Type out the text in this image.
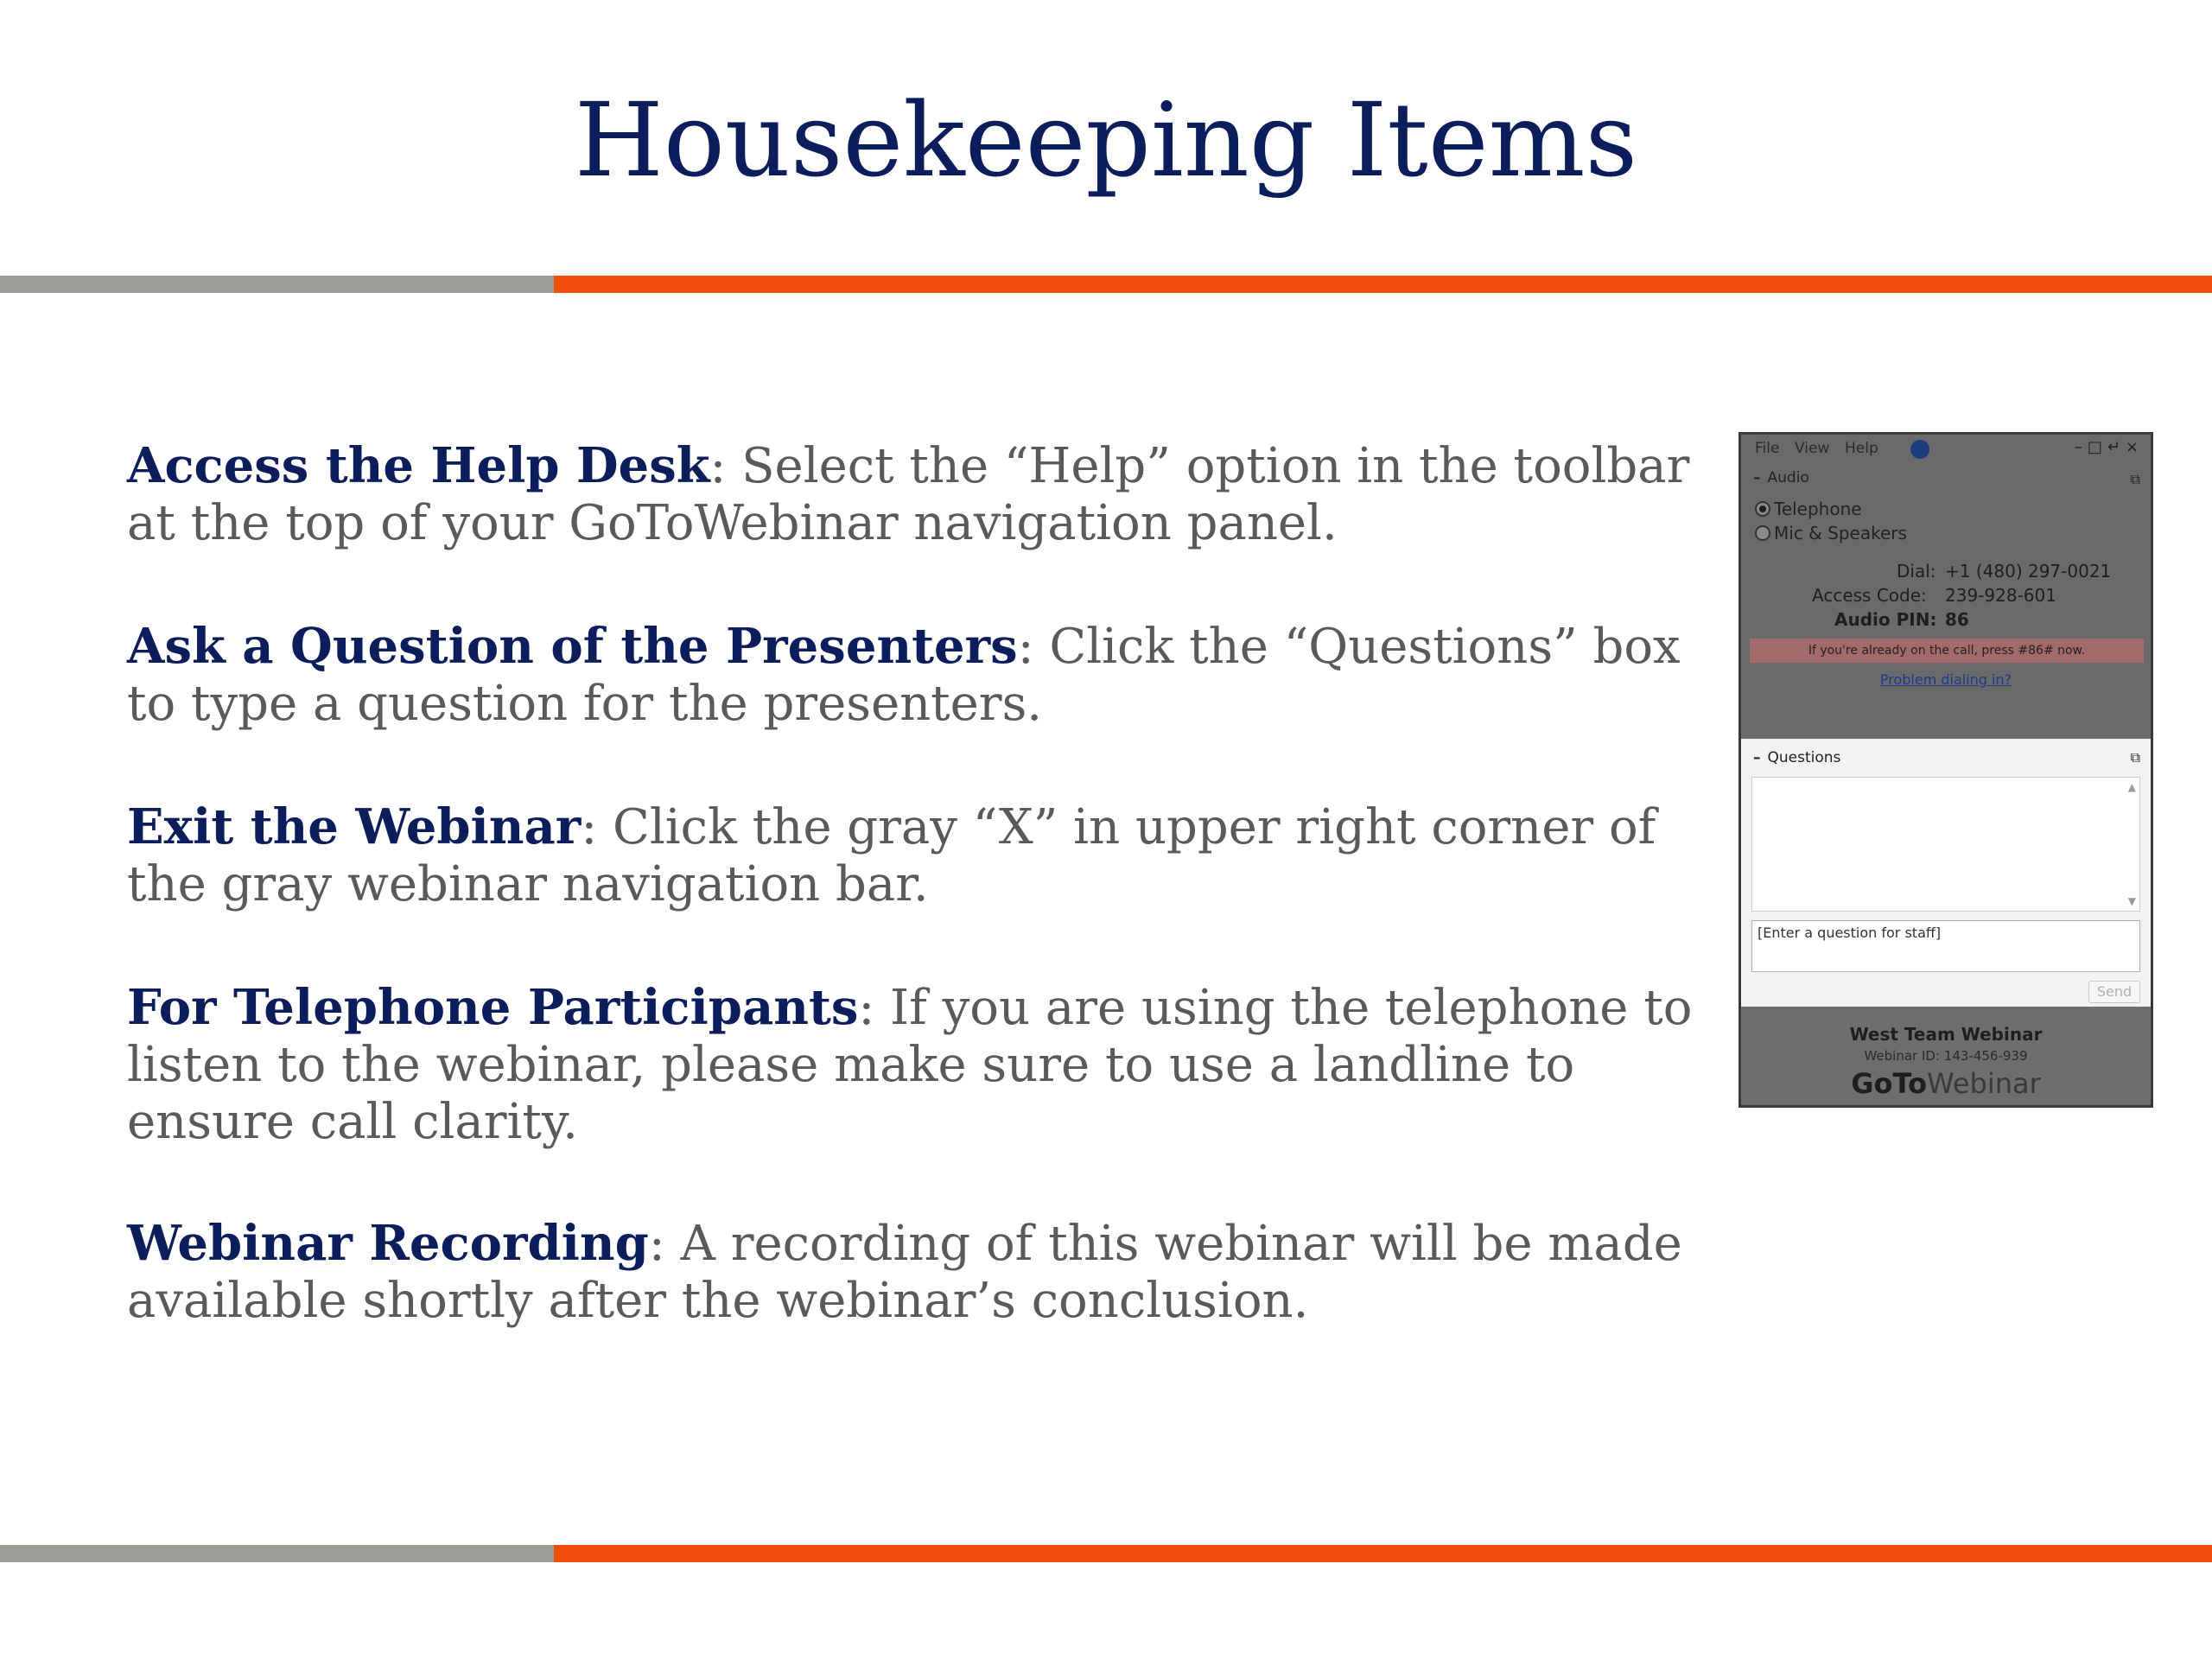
Housekeeping Items
Access the Help Desk: Select the “Help” option in the toolbar at the top of your GoToWebinar navigation panel.
Ask a Question of the Presenters: Click the “Questions” box to type a question for the presenters.
Exit the Webinar: Click the gray “X” in upper right corner of the gray webinar navigation bar.
For Telephone Participants: If you are using the telephone to listen to the webinar, please make sure to use a landline to ensure call clarity.
Webinar Recording: A recording of this webinar will be made available shortly after the webinar’s conclusion.
File View Help	–□↵×
– Audio	⧉
Telephone
Mic & Speakers
Dial: +1 (480) 297-0021
Access Code: 239-928-601
Audio PIN: 86
If you're already on the call, press #86# now.
Problem dialing in?
– Questions	⧉
▲
▼
[Enter a question for staff]
Send
West Team Webinar
Webinar ID: 143-456-939
GoToWebinar
